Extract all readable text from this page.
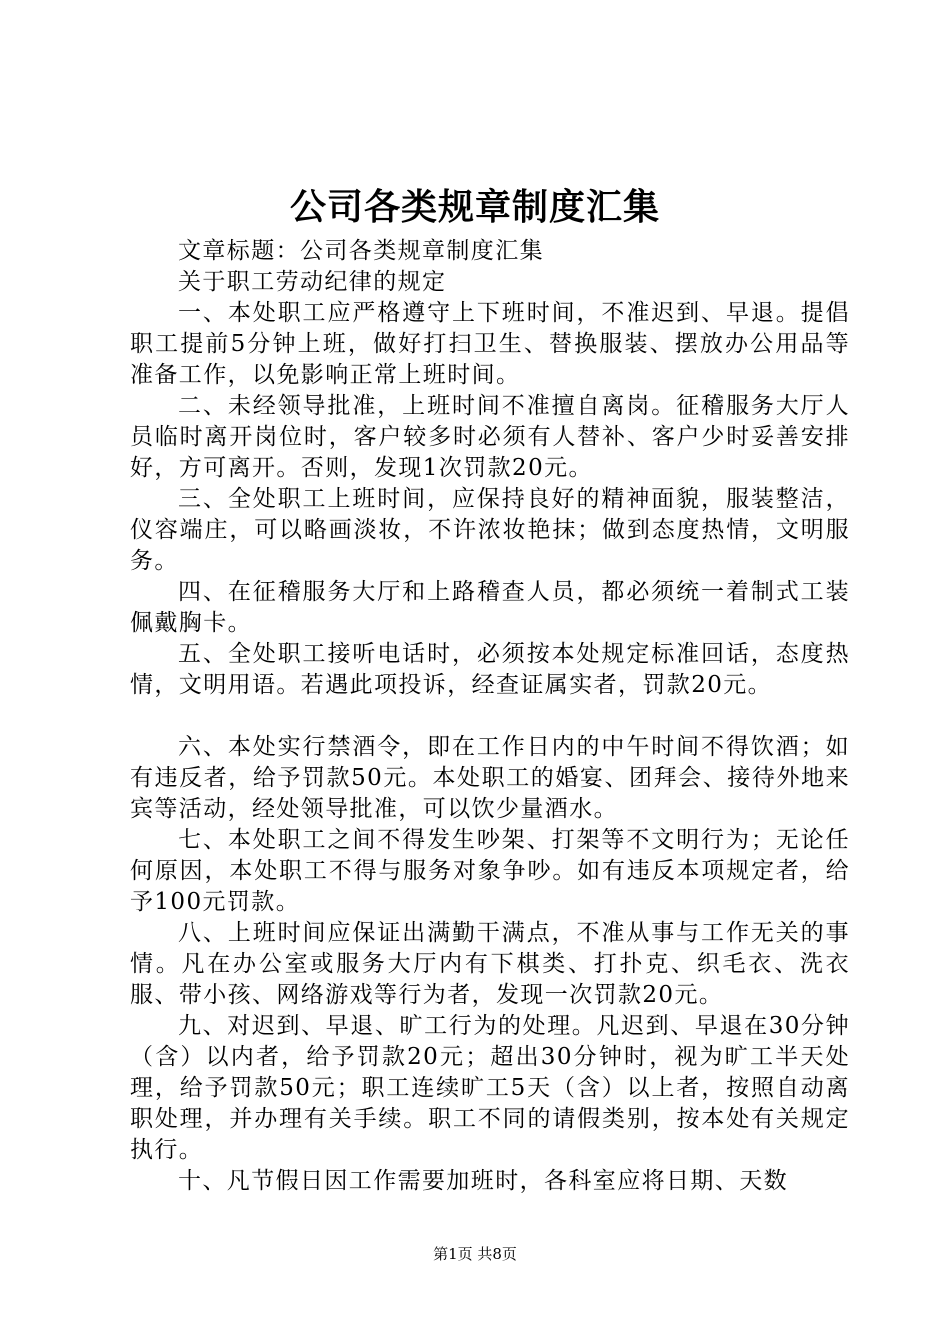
公司各类规章制度汇集

文章标题：公司各类规章制度汇集

关于职工劳动纪律的规定

一、本处职工应严格遵守上下班时间，不准迟到、早退。提倡职工提前5分钟上班，做好打扫卫生、替换服装、摆放办公用品等准备工作，以免影响正常上班时间。

二、未经领导批准，上班时间不准擅自离岗。征稽服务大厅人员临时离开岗位时，客户较多时必须有人替补、客户少时妥善安排好，方可离开。否则，发现1次罚款20元。

三、全处职工上班时间，应保持良好的精神面貌，服装整洁，仪容端庄，可以略画淡妆，不许浓妆艳抹；做到态度热情，文明服务。

四、在征稽服务大厅和上路稽查人员，都必须统一着制式工装佩戴胸卡。

五、全处职工接听电话时，必须按本处规定标准回话，态度热情，文明用语。若遇此项投诉，经查证属实者，罚款20元。

六、本处实行禁酒令，即在工作日内的中午时间不得饮酒；如有违反者，给予罚款50元。本处职工的婚宴、团拜会、接待外地来宾等活动，经处领导批准，可以饮少量酒水。

七、本处职工之间不得发生吵架、打架等不文明行为；无论任何原因，本处职工不得与服务对象争吵。如有违反本项规定者，给予100元罚款。

八、上班时间应保证出满勤干满点，不准从事与工作无关的事情。凡在办公室或服务大厅内有下棋类、打扑克、织毛衣、洗衣服、带小孩、网络游戏等行为者，发现一次罚款20元。

九、对迟到、早退、旷工行为的处理。凡迟到、早退在30分钟（含）以内者，给予罚款20元；超出30分钟时，视为旷工半天处理，给予罚款50元；职工连续旷工5天（含）以上者，按照自动离职处理，并办理有关手续。职工不同的请假类别，按本处有关规定执行。

十、凡节假日因工作需要加班时，各科室应将日期、天数

第1页 共8页
